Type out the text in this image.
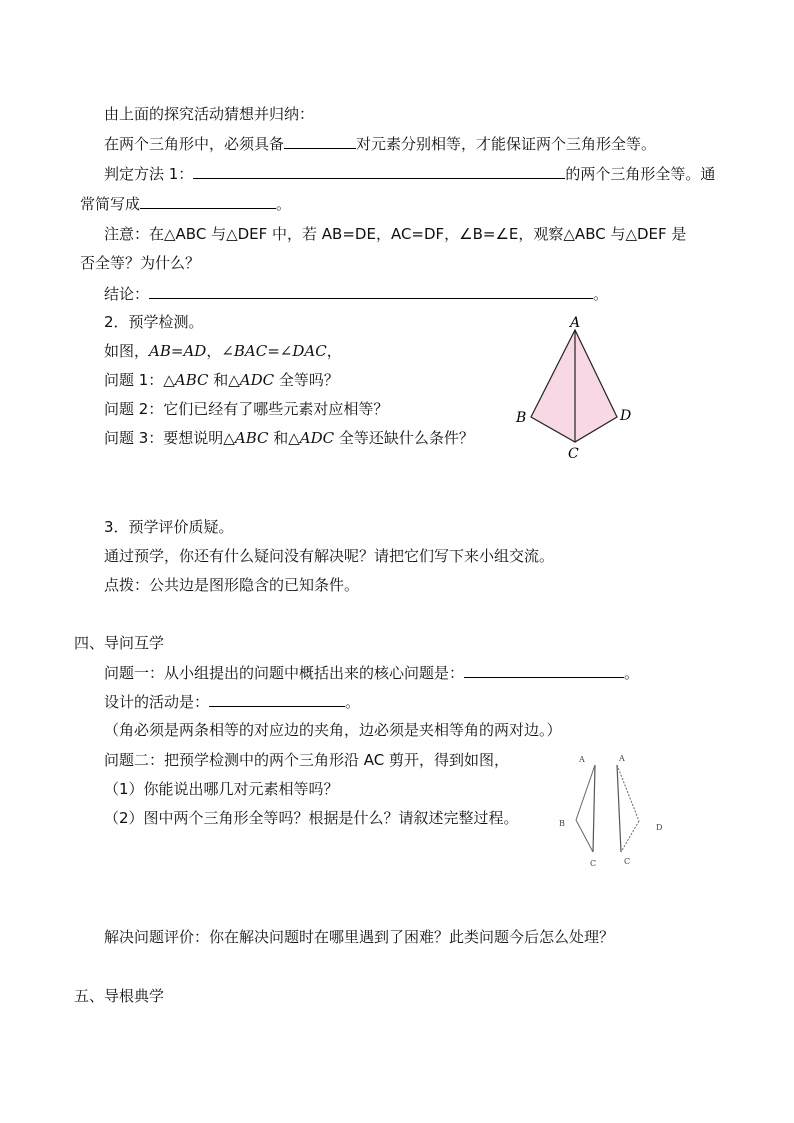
由上面的探究活动猜想并归纳：
在两个三角形中，必须具备	对元素分别相等，才能保证两个三角形全等。
判定方法 1：	的两个三角形全等。通
常简写成	。
注意：在△ABC 与△DEF 中，若 AB=DE，AC=DF，∠B=∠E，观察△ABC 与△DEF 是
否全等？为什么？
结论：	。
2．预学检测。
如图，AB=AD，∠BAC=∠DAC，
问题 1：△ABC 和△ADC 全等吗？
问题 2：它们已经有了哪些元素对应相等？
问题 3：要想说明△ABC 和△ADC 全等还缺什么条件？
A
B
C
D
3．预学评价质疑。
通过预学，你还有什么疑问没有解决呢？请把它们写下来小组交流。
点拨：公共边是图形隐含的已知条件。
四、导问互学
问题一：从小组提出的问题中概括出来的核心问题是：	。
设计的活动是：	。
（角必须是两条相等的对应边的夹角，边必须是夹相等角的两对边。）
问题二：把预学检测中的两个三角形沿 AC 剪开，得到如图，
（1）你能说出哪几对元素相等吗？
（2）图中两个三角形全等吗？根据是什么？请叙述完整过程。
A	A
B
C	C
D
解决问题评价：你在解决问题时在哪里遇到了困难？此类问题今后怎么处理？
五、导根典学
